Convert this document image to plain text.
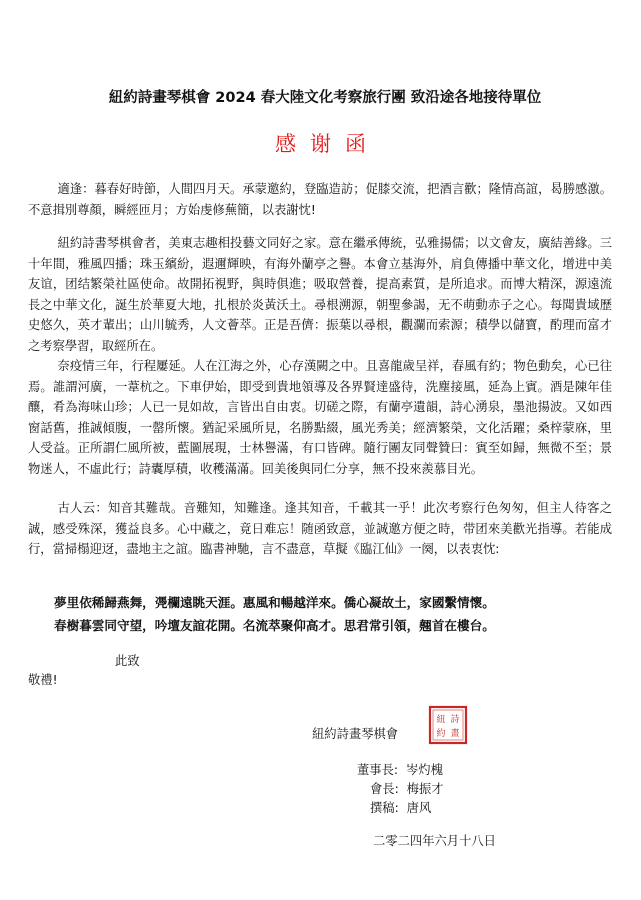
紐約詩畫琴棋會 2024 春大陸文化考察旅行團 致沿途各地接待單位
感谢函
適逢：暮春好時節，人間四月天。承蒙邀約，登臨造訪；促膝交流，把酒言歡；隆情高誼，曷勝感激。不意揖別尊顏，瞬經匝月；方始虔修蕪簡，以表謝忱!
紐約詩書琴棋會者，美東志趣相投藝文同好之家。意在繼承傳統，弘雅揚儒；以文會友，廣結善緣。三十年間，雅風四播；珠玉繽紛，遐邇輝映，有海外蘭亭之譽。本會立基海外，肩負傳播中華文化，增进中美友谊，团结繁榮社區使命。故開拓視野，與時俱進；吸取營養，提高素質，是所追求。而博大精深，源遠流長之中華文化，誕生於華夏大地，扎根於炎黃沃土。尋根溯源，朝聖參謁，无不萌動赤子之心。每聞貴域歷史悠久，英才輩出；山川毓秀，人文薈萃。正是吾儕：振葉以尋根，觀瀾而索源；積學以儲寶，酌理而富才之考察學習，取經所在。
奈疫情三年，行程屢延。人在江海之外，心存漢闕之中。且喜龍歲呈祥，春風有約；物色動矣，心已往焉。誰謂河廣，一葦杭之。下車伊始，即受到貴地領導及各界賢達盛待，洗塵接風，延為上賓。酒是陳年佳釀，肴為海味山珍；人已一見如故，言皆出自由衷。切磋之際，有蘭亭遺韻，詩心湧泉，墨池揚波。又如西窗話舊，推誠傾腹，一罄所懷。猶記采風所見，名勝點綴，風光秀美；經濟繁榮，文化活躍；桑梓蒙庥，里人受益。正所謂仁風所被，藍圖展現，士林譽滿，有口皆碑。隨行團友同聲贊曰：賓至如歸，無微不至；景物迷人，不虛此行；詩囊厚積，收穫滿滿。回美後與同仁分享，無不投來羨慕目光。
古人云：知音其難哉。音難知，知難逢。逢其知音，千載其一乎！此次考察行色匆匆，但主人待客之誠，感受殊深，獲益良多。心中藏之，竟日难忘！随函致意，並誠邀方便之時，带团來美歡光指導。若能成行，當掃榻迎迓，盡地主之誼。臨書神馳，言不盡意，草擬《臨江仙》一阕，以表衷忱:
夢里依稀歸燕舞，凴欄遠眺天涯。惠風和暢越洋來。僑心凝故土，家國繫情懷。
春樹暮雲同守望，吟壇友誼花開。名流萃聚仰高才。思君常引領，翹首在樓台。
此致
敬禮!
紐約詩畫琴棋會
紐 詩
約 畫
董事長: 岑灼槐
會長: 梅振才
撰稿: 唐风
二零二四年六月十八日
